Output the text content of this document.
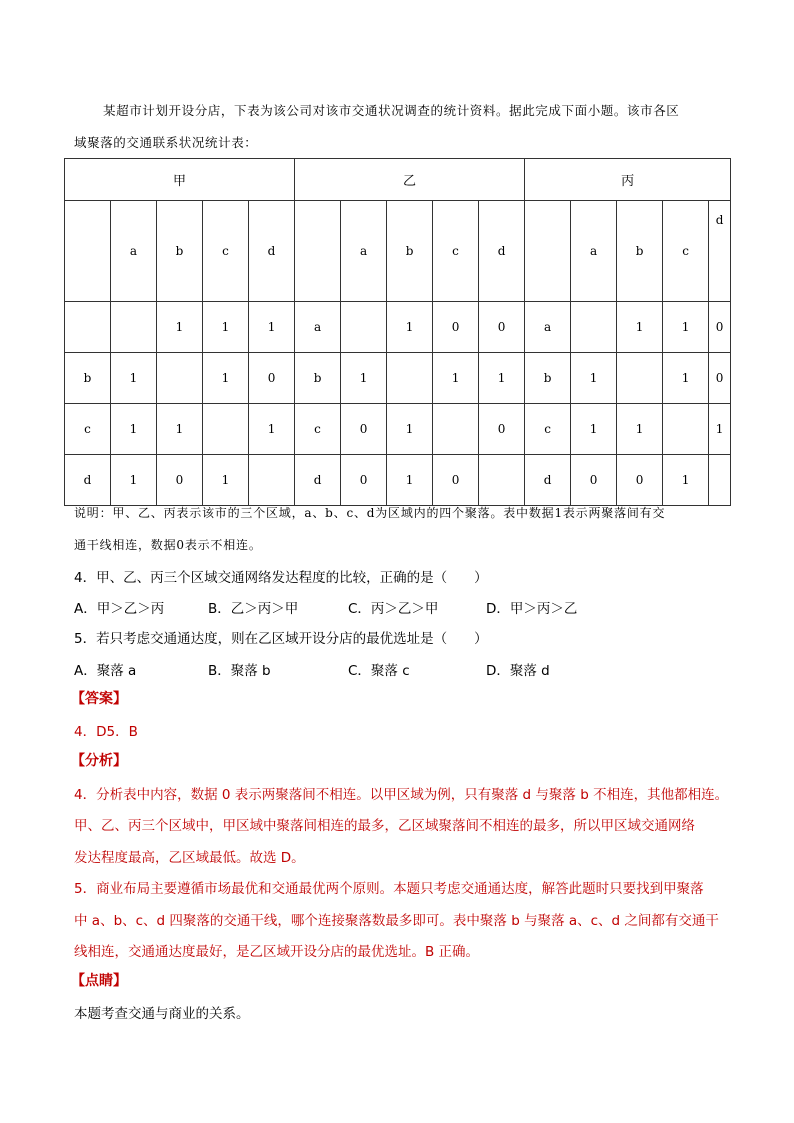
某超市计划开设分店，下表为该公司对该市交通状况调查的统计资料。据此完成下面小题。该市各区
域聚落的交通联系状况统计表：
甲					乙					丙				
	a	b	c	d		a	b	c	d		a	b	c	d
		1	1	1	a		1	0	0	a		1	1	0
b	1		1	0	b	1		1	1	b	1		1	0
c	1	1		1	c	0	1		0	c	1	1		1
d	1	0	1		d	0	1	0		d	0	0	1	
说明：甲、乙、丙表示该市的三个区域，a、b、c、d为区域内的四个聚落。表中数据1表示两聚落间有交
通干线相连，数据0表示不相连。
4．甲、乙、丙三个区域交通网络发达程度的比较，正确的是（　　）
A．甲＞乙＞丙	B．乙＞丙＞甲	C．丙＞乙＞甲	D．甲＞丙＞乙
5．若只考虑交通通达度，则在乙区域开设分店的最优选址是（　　）
A．聚落 a	B．聚落 b	C．聚落 c	D．聚落 d
【答案】
4．D5．B
【分析】
4．分析表中内容，数据 0 表示两聚落间不相连。以甲区域为例，只有聚落 d 与聚落 b 不相连，其他都相连。
甲、乙、丙三个区域中，甲区域中聚落间相连的最多，乙区域聚落间不相连的最多，所以甲区域交通网络
发达程度最高，乙区域最低。故选 D。
5．商业布局主要遵循市场最优和交通最优两个原则。本题只考虑交通通达度，解答此题时只要找到甲聚落
中 a、b、c、d 四聚落的交通干线，哪个连接聚落数最多即可。表中聚落 b 与聚落 a、c、d 之间都有交通干
线相连，交通通达度最好，是乙区域开设分店的最优选址。B 正确。
【点睛】
本题考查交通与商业的关系。
